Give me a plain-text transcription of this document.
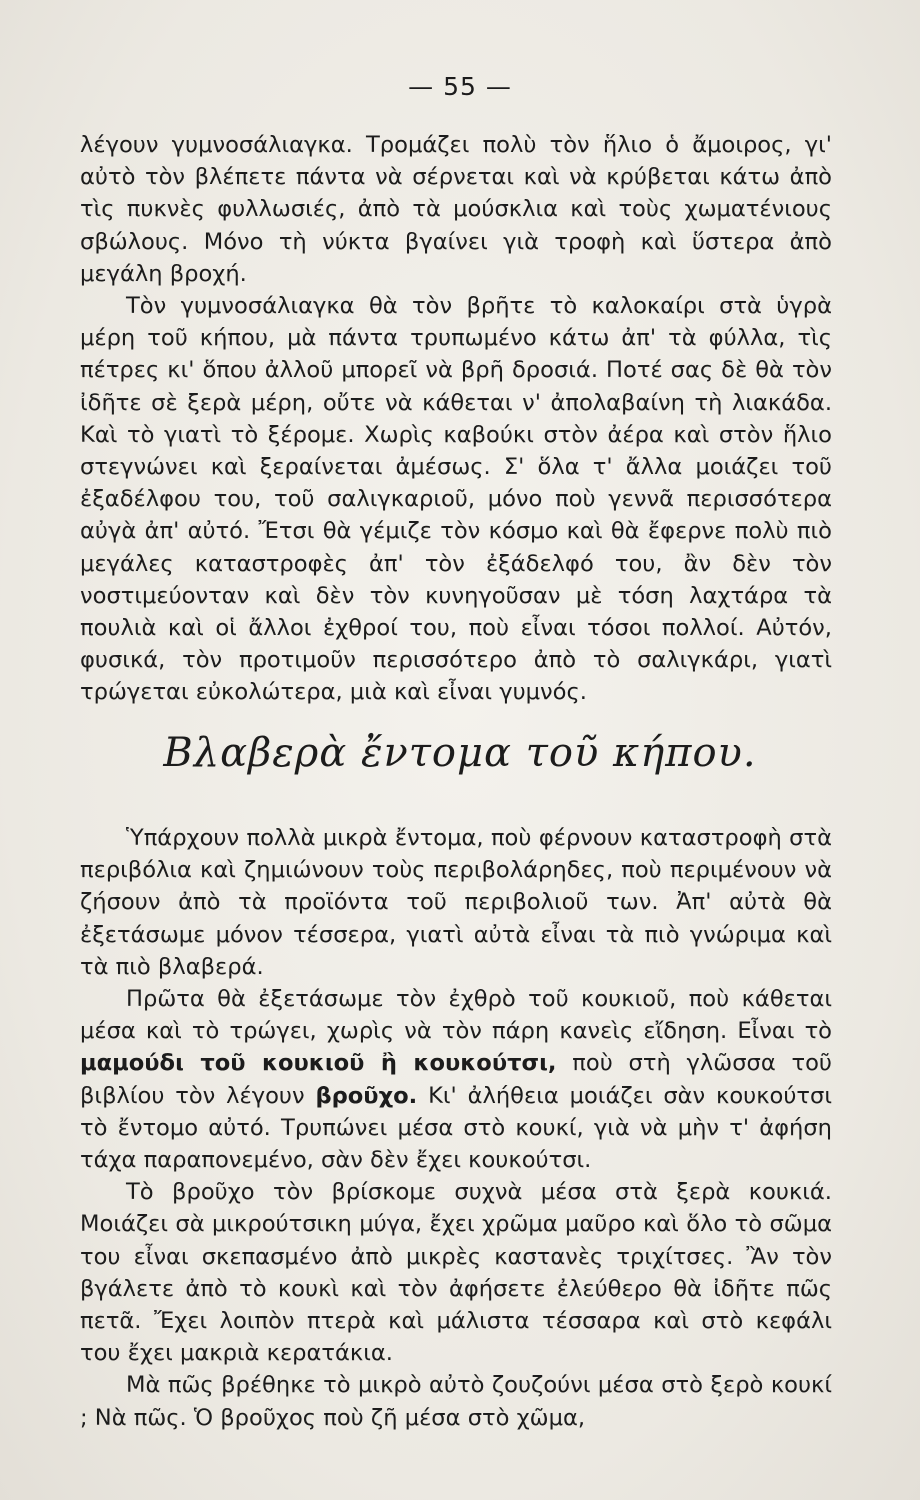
— 55 —

λέγουν γυμνοσάλιαγκα. Τρομάζει πολὺ τὸν ἥλιο ὁ ἄμοιρος, γι' αὐτὸ τὸν βλέπετε πάντα νὰ σέρνεται καὶ νὰ κρύβεται κάτω ἀπὸ τὶς πυκνὲς φυλλωσιές, ἀπὸ τὰ μούσκλια καὶ τοὺς χωματένιους σβώλους. Μόνο τὴ νύκτα βγαίνει γιὰ τροφὴ καὶ ὕστερα ἀπὸ μεγάλη βροχή.

Τὸν γυμνοσάλιαγκα θὰ τὸν βρῆτε τὸ καλοκαίρι στὰ ὑγρὰ μέρη τοῦ κήπου, μὰ πάντα τρυπωμένο κάτω ἀπ' τὰ φύλλα, τὶς πέτρες κι' ὅπου ἀλλοῦ μπορεῖ νὰ βρῆ δροσιά. Ποτέ σας δὲ θὰ τὸν ἰδῆτε σὲ ξερὰ μέρη, οὔτε νὰ κάθεται ν' ἀπολαβαίνη τὴ λιακάδα. Καὶ τὸ γιατὶ τὸ ξέρομε. Χωρὶς καβούκι στὸν ἀέρα καὶ στὸν ἥλιο στεγνώνει καὶ ξεραίνεται ἀμέσως. Σ' ὅλα τ' ἄλλα μοιάζει τοῦ ἐξαδέλφου του, τοῦ σαλιγκαριοῦ, μόνο ποὺ γεννᾶ περισσότερα αὐγὰ ἀπ' αὐτό. Ἔτσι θὰ γέμιζε τὸν κόσμο καὶ θὰ ἔφερνε πολὺ πιὸ μεγάλες καταστροφὲς ἀπ' τὸν ἐξάδελφό του, ἂν δὲν τὸν νοστιμεύονταν καὶ δὲν τὸν κυνηγοῦσαν μὲ τόση λαχτάρα τὰ πουλιὰ καὶ οἱ ἄλλοι ἐχθροί του, ποὺ εἶναι τόσοι πολλοί. Αὐτόν, φυσικά, τὸν προτιμοῦν περισσότερο ἀπὸ τὸ σαλιγκάρι, γιατὶ τρώγεται εὐκολώτερα, μιὰ καὶ εἶναι γυμνός.

Βλαβερὰ ἔντομα τοῦ κήπου.

Ὑπάρχουν πολλὰ μικρὰ ἔντομα, ποὺ φέρνουν καταστροφὴ στὰ περιβόλια καὶ ζημιώνουν τοὺς περιβολάρηδες, ποὺ περιμένουν νὰ ζήσουν ἀπὸ τὰ προϊόντα τοῦ περιβολιοῦ των. Ἀπ' αὐτὰ θὰ ἐξετάσωμε μόνον τέσσερα, γιατὶ αὐτὰ εἶναι τὰ πιὸ γνώριμα καὶ τὰ πιὸ βλαβερά.

Πρῶτα θὰ ἐξετάσωμε τὸν ἐχθρὸ τοῦ κουκιοῦ, ποὺ κάθεται μέσα καὶ τὸ τρώγει, χωρὶς νὰ τὸν πάρη κανεὶς εἴδηση. Εἶναι τὸ μαμούδι τοῦ κουκιοῦ ἢ κουκούτσι, ποὺ στὴ γλῶσσα τοῦ βιβλίου τὸν λέγουν βροῦχο. Κι' ἀλήθεια μοιάζει σὰν κουκούτσι τὸ ἔντομο αὐτό. Τρυπώνει μέσα στὸ κουκί, γιὰ νὰ μὴν τ' ἀφήση τάχα παραπονεμένο, σὰν δὲν ἔχει κουκούτσι.

Τὸ βροῦχο τὸν βρίσκομε συχνὰ μέσα στὰ ξερὰ κουκιά. Μοιάζει σὰ μικρούτσικη μύγα, ἔχει χρῶμα μαῦρο καὶ ὅλο τὸ σῶμα του εἶναι σκεπασμένο ἀπὸ μικρὲς καστανὲς τριχίτσες. Ἂν τὸν βγάλετε ἀπὸ τὸ κουκὶ καὶ τὸν ἀφήσετε ἐλεύθερο θὰ ἰδῆτε πῶς πετᾶ. Ἔχει λοιπὸν πτερὰ καὶ μάλιστα τέσσαρα καὶ στὸ κεφάλι του ἔχει μακριὰ κερατάκια.

Μὰ πῶς βρέθηκε τὸ μικρὸ αὐτὸ ζουζούνι μέσα στὸ ξερὸ κουκί ; Νὰ πῶς. Ὁ βροῦχος ποὺ ζῆ μέσα στὸ χῶμα,
